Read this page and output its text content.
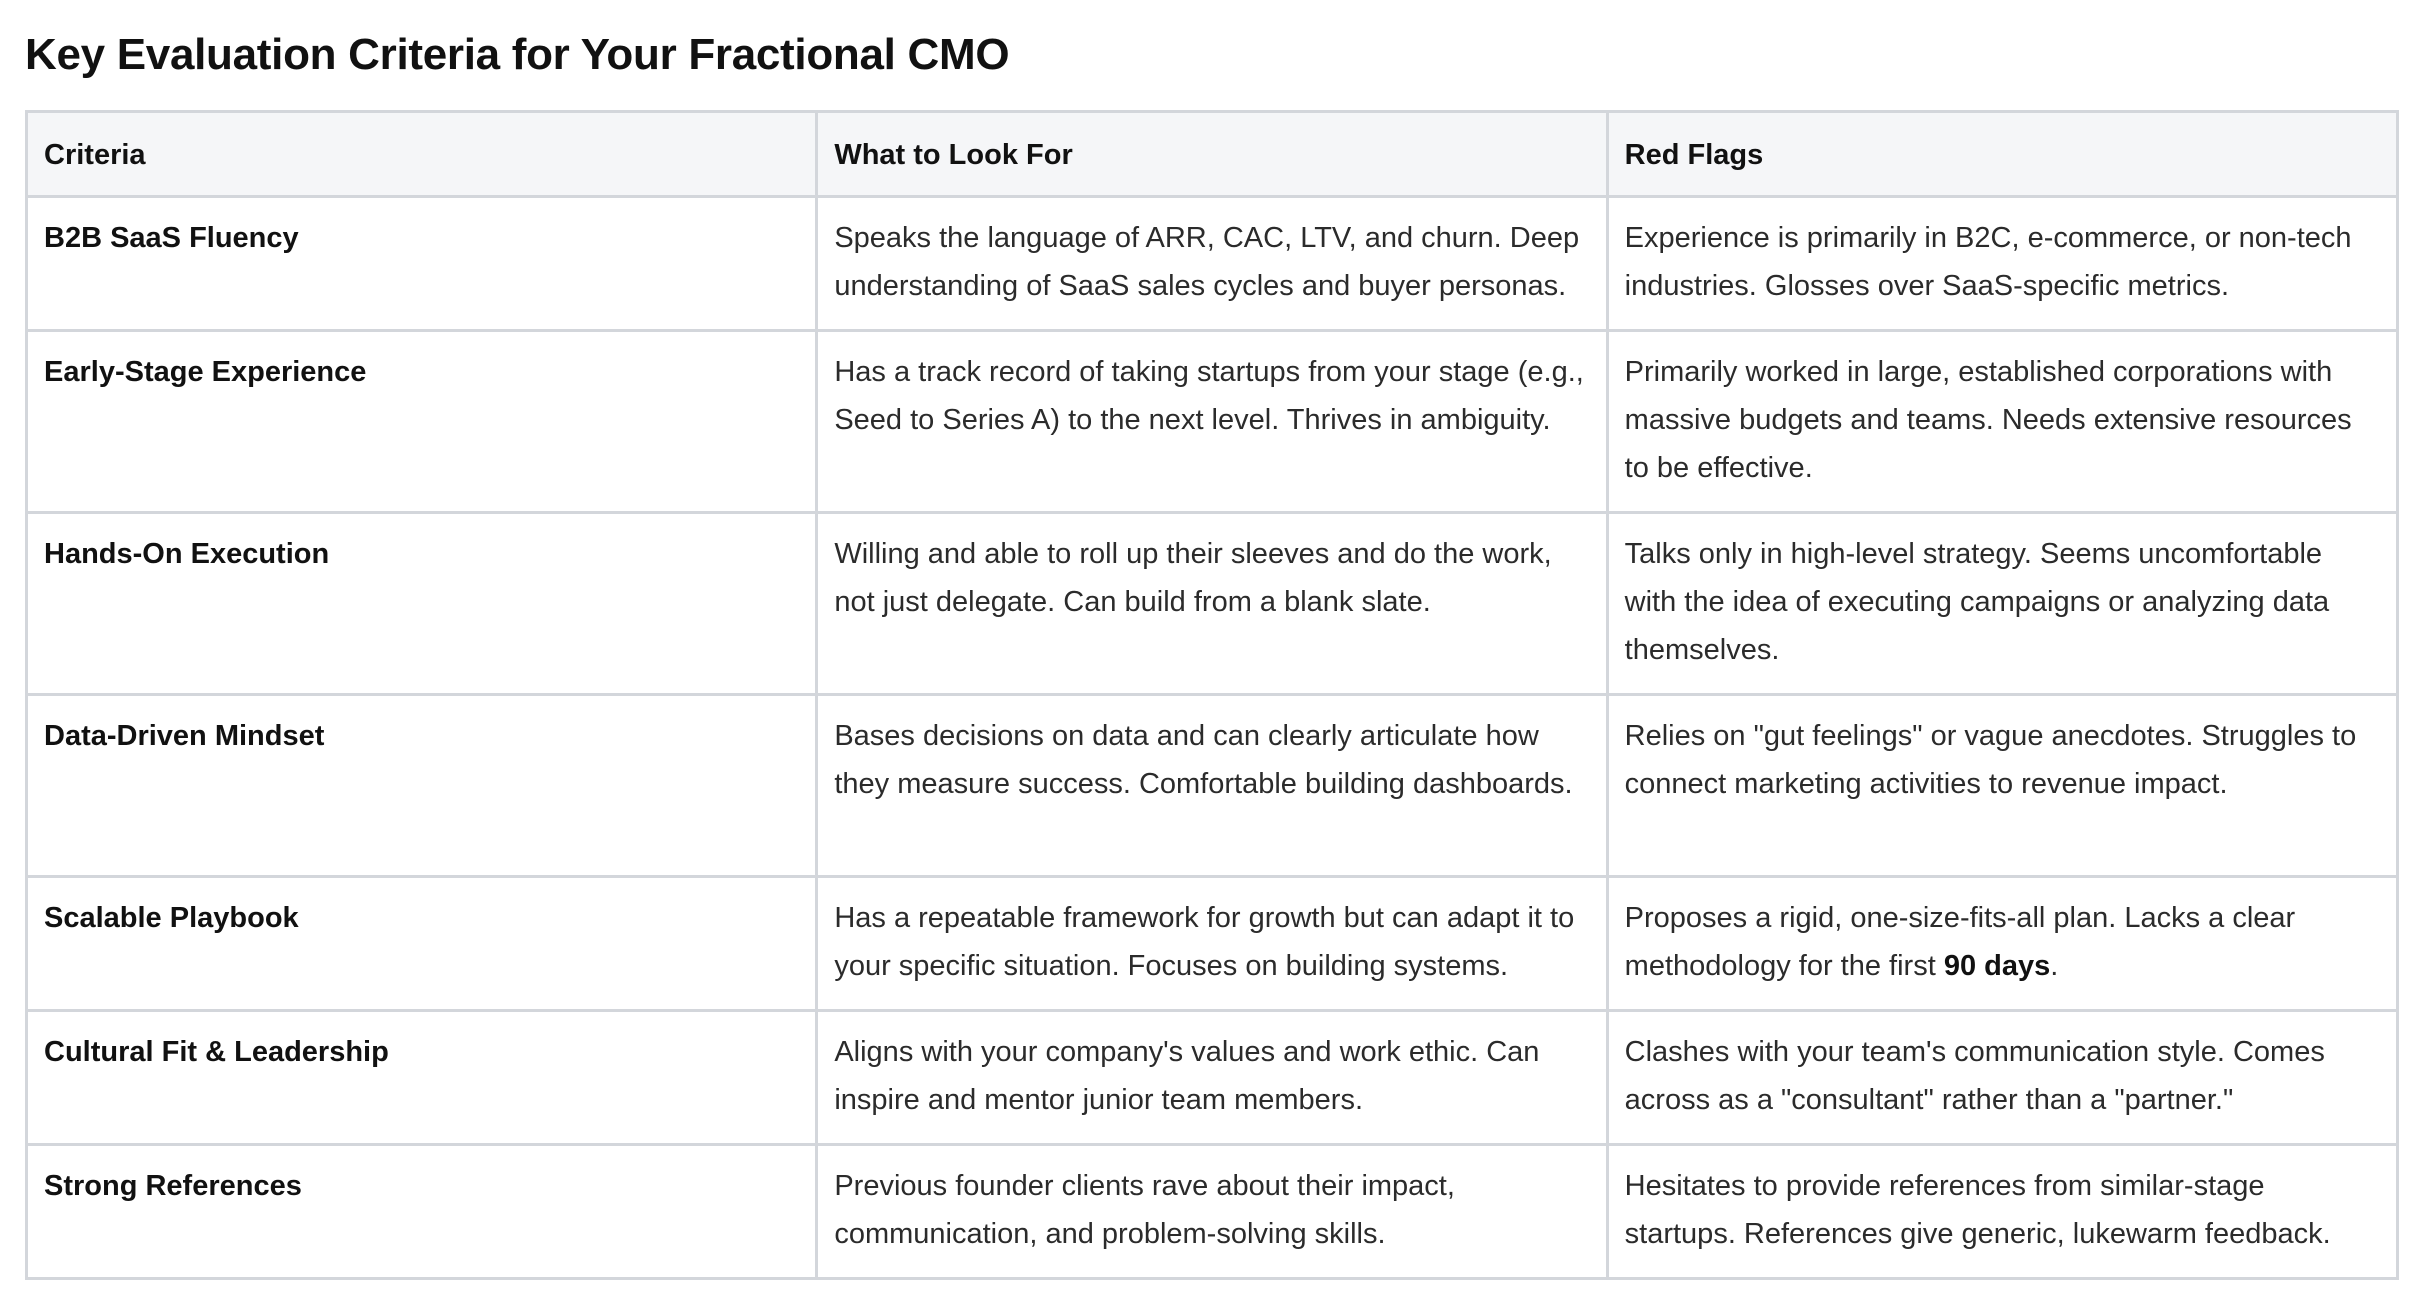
Key Evaluation Criteria for Your Fractional CMO
Criteria	What to Look For	Red Flags
B2B SaaS Fluency	Speaks the language of ARR, CAC, LTV, and churn. Deep understanding of SaaS sales cycles and buyer personas.	Experience is primarily in B2C, e-commerce, or non-tech industries. Glosses over SaaS-specific metrics.
Early-Stage Experience	Has a track record of taking startups from your stage (e.g., Seed to Series A) to the next level. Thrives in ambiguity.	Primarily worked in large, established corporations with massive budgets and teams. Needs extensive resources to be effective.
Hands-On Execution	Willing and able to roll up their sleeves and do the work, not just delegate. Can build from a blank slate.	Talks only in high-level strategy. Seems uncomfortable with the idea of executing campaigns or analyzing data themselves.
Data-Driven Mindset	Bases decisions on data and can clearly articulate how they measure success. Comfortable building dashboards.	Relies on "gut feelings" or vague anecdotes. Struggles to connect marketing activities to revenue impact.
Scalable Playbook	Has a repeatable framework for growth but can adapt it to your specific situation. Focuses on building systems.	Proposes a rigid, one-size-fits-all plan. Lacks a clear methodology for the first 90 days.
Cultural Fit & Leadership	Aligns with your company's values and work ethic. Can inspire and mentor junior team members.	Clashes with your team's communication style. Comes across as a "consultant" rather than a "partner."
Strong References	Previous founder clients rave about their impact, communication, and problem-solving skills.	Hesitates to provide references from similar-stage startups. References give generic, lukewarm feedback.
